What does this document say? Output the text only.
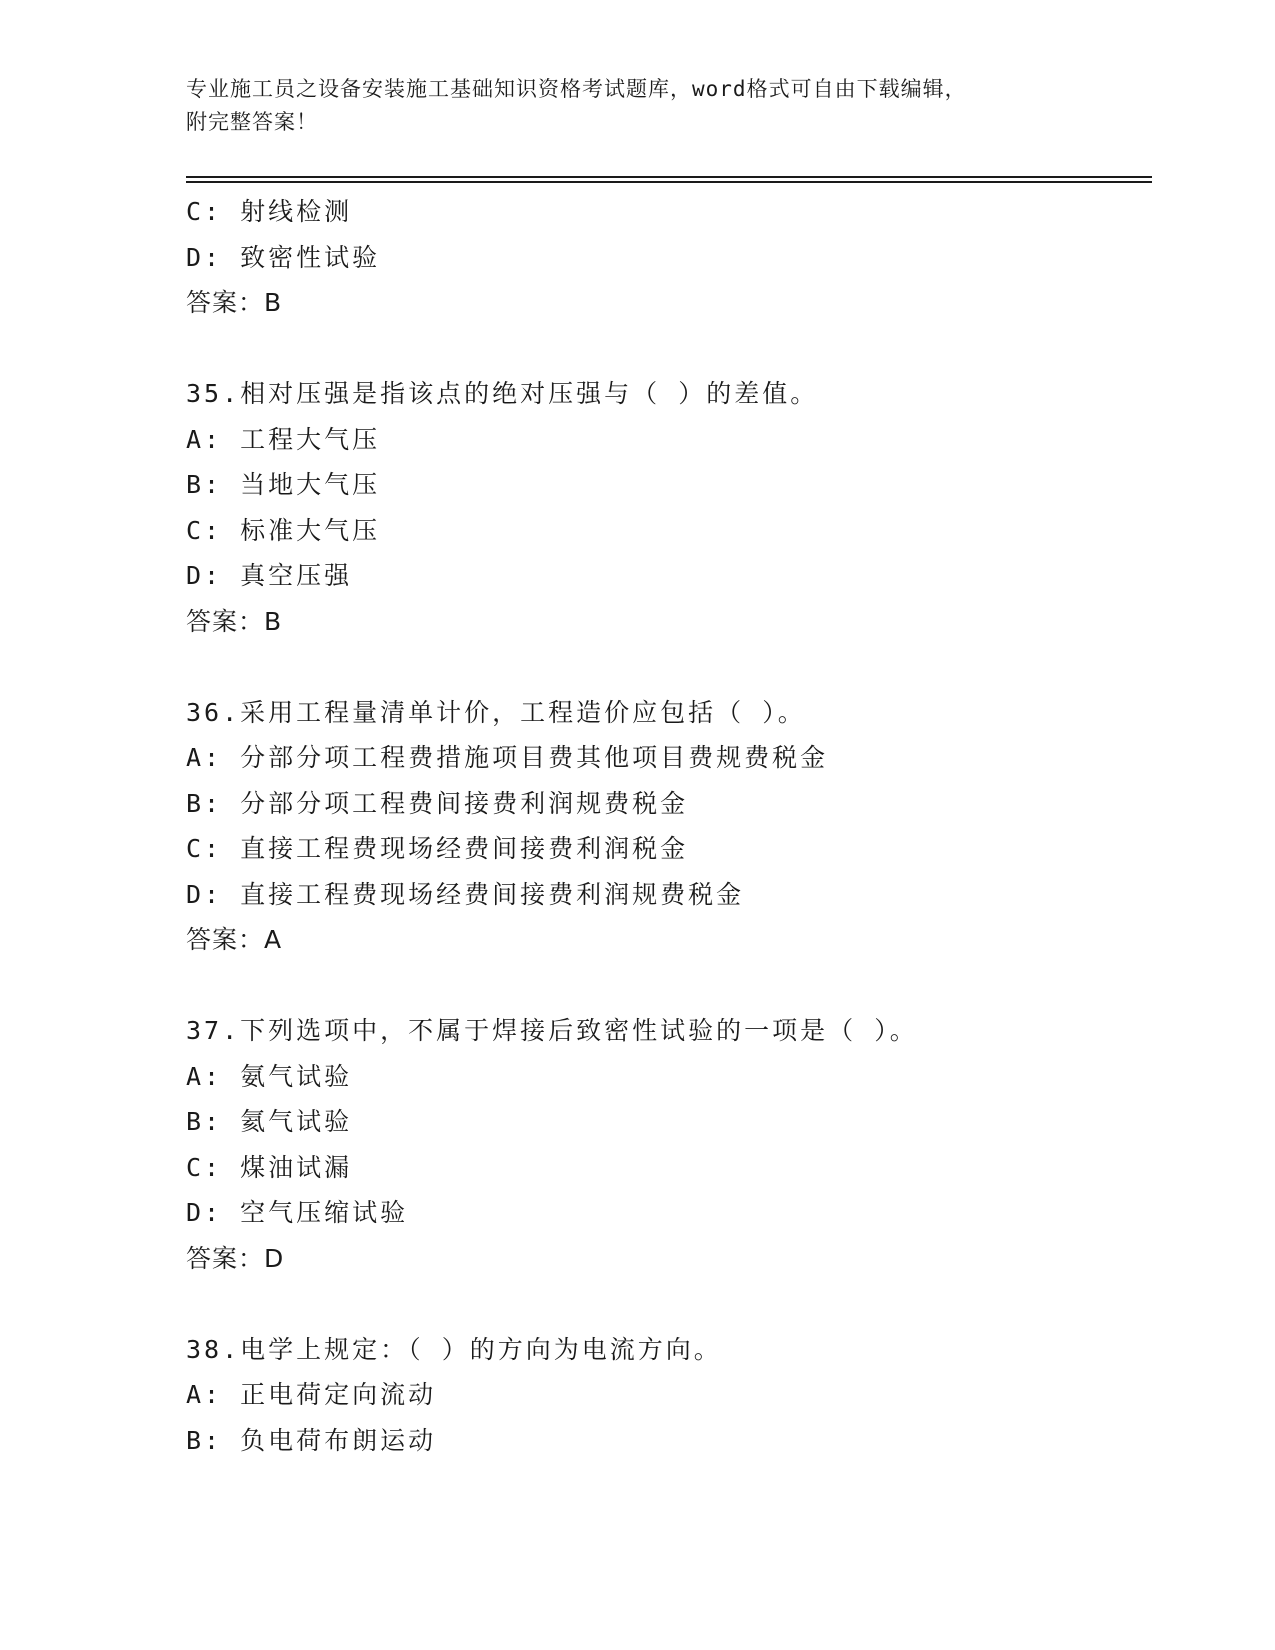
专业施工员之设备安装施工基础知识资格考试题库，word格式可自由下载编辑，
附完整答案！
C: 射线检测
D: 致密性试验
答案：B
35.相对压强是指该点的绝对压强与（ ）的差值。
A: 工程大气压
B: 当地大气压
C: 标准大气压
D: 真空压强
答案：B
36.采用工程量清单计价，工程造价应包括（ ）。
A: 分部分项工程费措施项目费其他项目费规费税金
B: 分部分项工程费间接费利润规费税金
C: 直接工程费现场经费间接费利润税金
D: 直接工程费现场经费间接费利润规费税金
答案：A
37.下列选项中，不属于焊接后致密性试验的一项是（ ）。
A: 氨气试验
B: 氦气试验
C: 煤油试漏
D: 空气压缩试验
答案：D
38.电学上规定：（ ）的方向为电流方向。
A: 正电荷定向流动
B: 负电荷布朗运动
